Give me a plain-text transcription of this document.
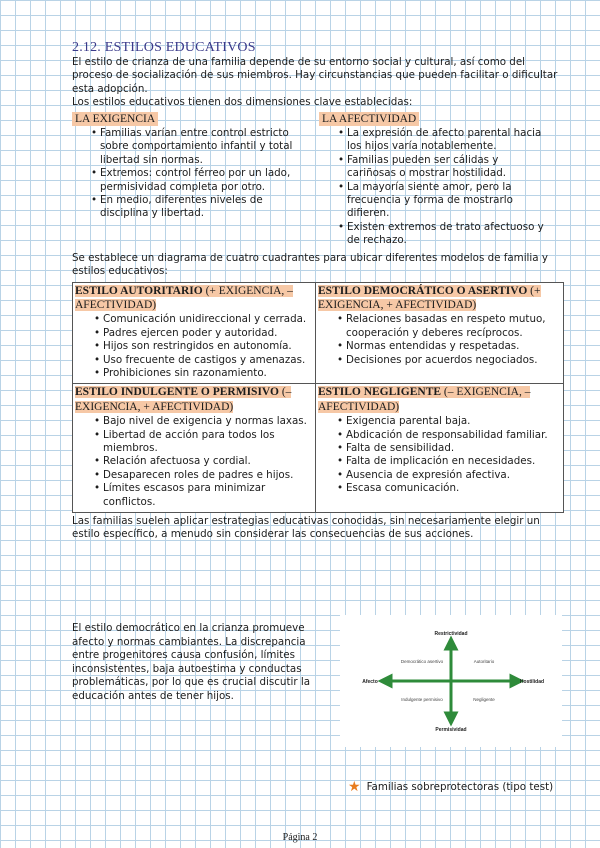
2.12. ESTILOS EDUCATIVOS
El estilo de crianza de una familia depende de su entorno social y cultural, así como del proceso de socialización de sus miembros. Hay circunstancias que pueden facilitar o dificultar esta adopción.
Los estilos educativos tienen dos dimensiones clave establecidas:
LA EXIGENCIA
• Familias varían entre control estricto sobre comportamiento infantil y total libertad sin normas.
• Extremos: control férreo por un lado, permisividad completa por otro.
• En medio, diferentes niveles de disciplina y libertad.
LA AFECTIVIDAD
• La expresión de afecto parental hacia los hijos varía notablemente.
• Familias pueden ser cálidas y cariñosas o mostrar hostilidad.
• La mayoría siente amor, pero la frecuencia y forma de mostrarlo difieren.
• Existen extremos de trato afectuoso y de rechazo.
Se establece un diagrama de cuatro cuadrantes para ubicar diferentes modelos de familia y estilos educativos:
ESTILO AUTORITARIO (+ EXIGENCIA, – AFECTIVIDAD)
• Comunicación unidireccional y cerrada.
• Padres ejercen poder y autoridad.
• Hijos son restringidos en autonomía.
• Uso frecuente de castigos y amenazas.
• Prohibiciones sin razonamiento.
ESTILO DEMOCRÁTICO O ASERTIVO (+ EXIGENCIA, + AFECTIVIDAD)
• Relaciones basadas en respeto mutuo, cooperación y deberes recíprocos.
• Normas entendidas y respetadas.
• Decisiones por acuerdos negociados.
ESTILO INDULGENTE O PERMISIVO (– EXIGENCIA, + AFECTIVIDAD)
• Bajo nivel de exigencia y normas laxas.
• Libertad de acción para todos los miembros.
• Relación afectuosa y cordial.
• Desaparecen roles de padres e hijos.
• Límites escasos para minimizar conflictos.
ESTILO NEGLIGENTE (– EXIGENCIA, – AFECTIVIDAD)
• Exigencia parental baja.
• Abdicación de responsabilidad familiar.
• Falta de sensibilidad.
• Falta de implicación en necesidades.
• Ausencia de expresión afectiva.
• Escasa comunicación.
Las familias suelen aplicar estrategias educativas conocidas, sin necesariamente elegir un estilo específico, a menudo sin considerar las consecuencias de sus acciones.
El estilo democrático en la crianza promueve afecto y normas cambiantes. La discrepancia entre progenitores causa confusión, límites inconsistentes, baja autoestima y conductas problemáticas, por lo que es crucial discutir la educación antes de tener hijos.
Restrictividad
Permisividad
Afecto	Hostilidad
Democrático asertivo	Autoritario
Indulgente permisivo	Negligente
★ Familias sobreprotectoras (tipo test)
Página 2
